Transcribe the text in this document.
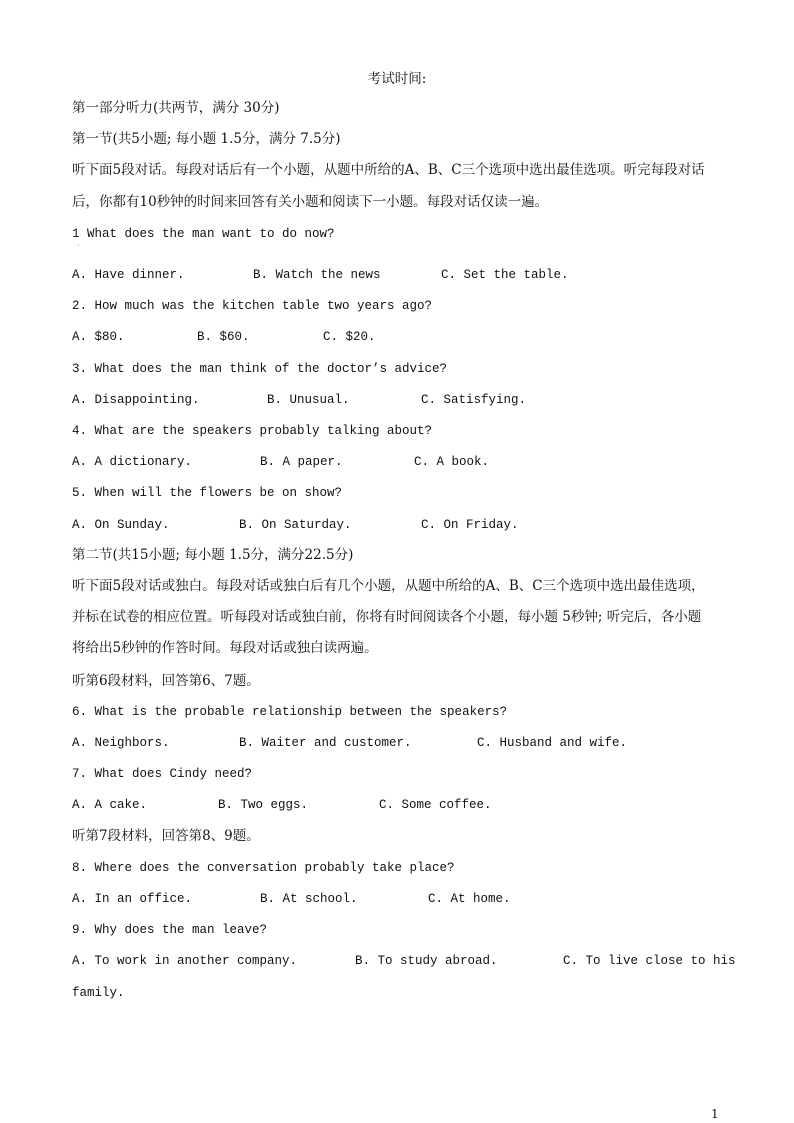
考试时间:
第一部分听力(共两节，满分 30分)
第一节(共5小题; 每小题 1.5分，满分 7.5分)
听下面5段对话。每段对话后有一个小题，从题中所给的A、B、C三个选项中选出最佳选项。听完每段对话
后，你都有10秒钟的时间来回答有关小题和阅读下一小题。每段对话仅读一遍。
1 What does the man want to do now?
·
A. Have dinner.	B. Watch the news	C. Set the table.
2. How much was the kitchen table two years ago?
A. $80.	B. $60.	C. $20.
3. What does the man think of the doctor’s advice?
A. Disappointing.	B. Unusual.	C. Satisfying.
4. What are the speakers probably talking about?
A. A dictionary.	B. A paper.	C. A book.
5. When will the flowers be on show?
A. On Sunday.	B. On Saturday.	C. On Friday.
第二节(共15小题; 每小题 1.5分，满分22.5分)
听下面5段对话或独白。每段对话或独白后有几个小题，从题中所给的A、B、C三个选项中选出最佳选项，
并标在试卷的相应位置。听每段对话或独白前，你将有时间阅读各个小题，每小题 5秒钟; 听完后，各小题
将给出5秒钟的作答时间。每段对话或独白读两遍。
听第6段材料，回答第6、7题。
6. What is the probable relationship between the speakers?
A. Neighbors.	B. Waiter and customer.	C. Husband and wife.
7. What does Cindy need?
A. A cake.	B. Two eggs.	C. Some coffee.
听第7段材料，回答第8、9题。
8. Where does the conversation probably take place?
A. In an office.	B. At school.	C. At home.
9. Why does the man leave?
A. To work in another company.	B. To study abroad.	C. To live close to his
family.
1
